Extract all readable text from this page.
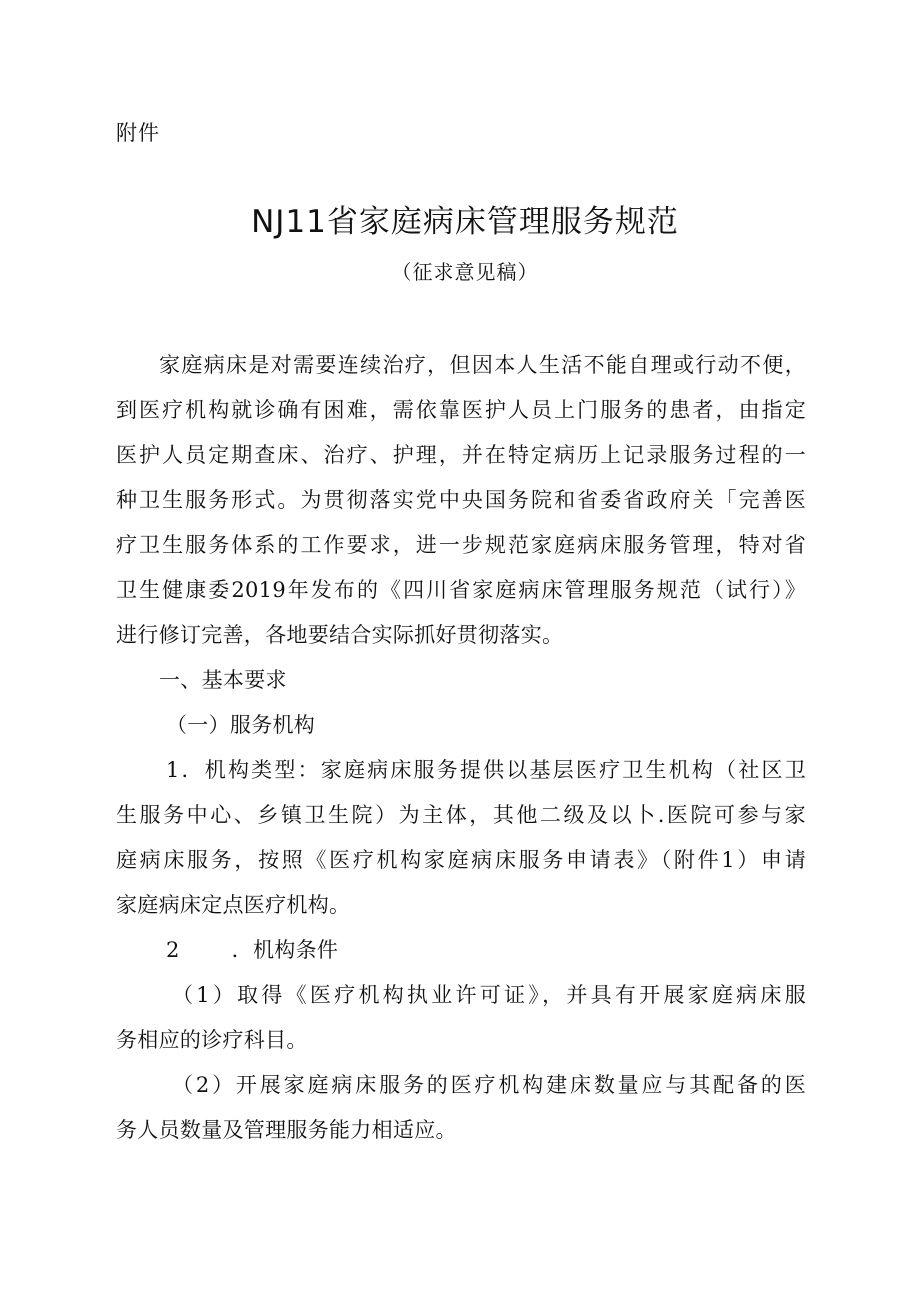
附件
NJ11省家庭病床管理服务规范
（征求意见稿）
家庭病床是对需要连续治疗，但因本人生活不能自理或行动不便，
到医疗机构就诊确有困难，需依靠医护人员上门服务的患者，由指定
医护人员定期查床、治疗、护理，并在特定病历上记录服务过程的一
种卫生服务形式。为贯彻落实党中央国务院和省委省政府关「完善医
疗卫生服务体系的工作要求，进一步规范家庭病床服务管理，特对省
卫生健康委2019年发布的《四川省家庭病床管理服务规范（试行）》
进行修订完善，各地要结合实际抓好贯彻落实。
一、基本要求
（一）服务机构
1．机构类型：家庭病床服务提供以基层医疗卫生机构（社区卫
生服务中心、乡镇卫生院）为主体，其他二级及以卜.医院可参与家
庭病床服务，按照《医疗机构家庭病床服务申请表》（附件1）申请
家庭病床定点医疗机构。
2 ．机构条件
（1）取得《医疗机构执业许可证》，并具有开展家庭病床服
务相应的诊疗科目。
（2）开展家庭病床服务的医疗机构建床数量应与其配备的医
务人员数量及管理服务能力相适应。
